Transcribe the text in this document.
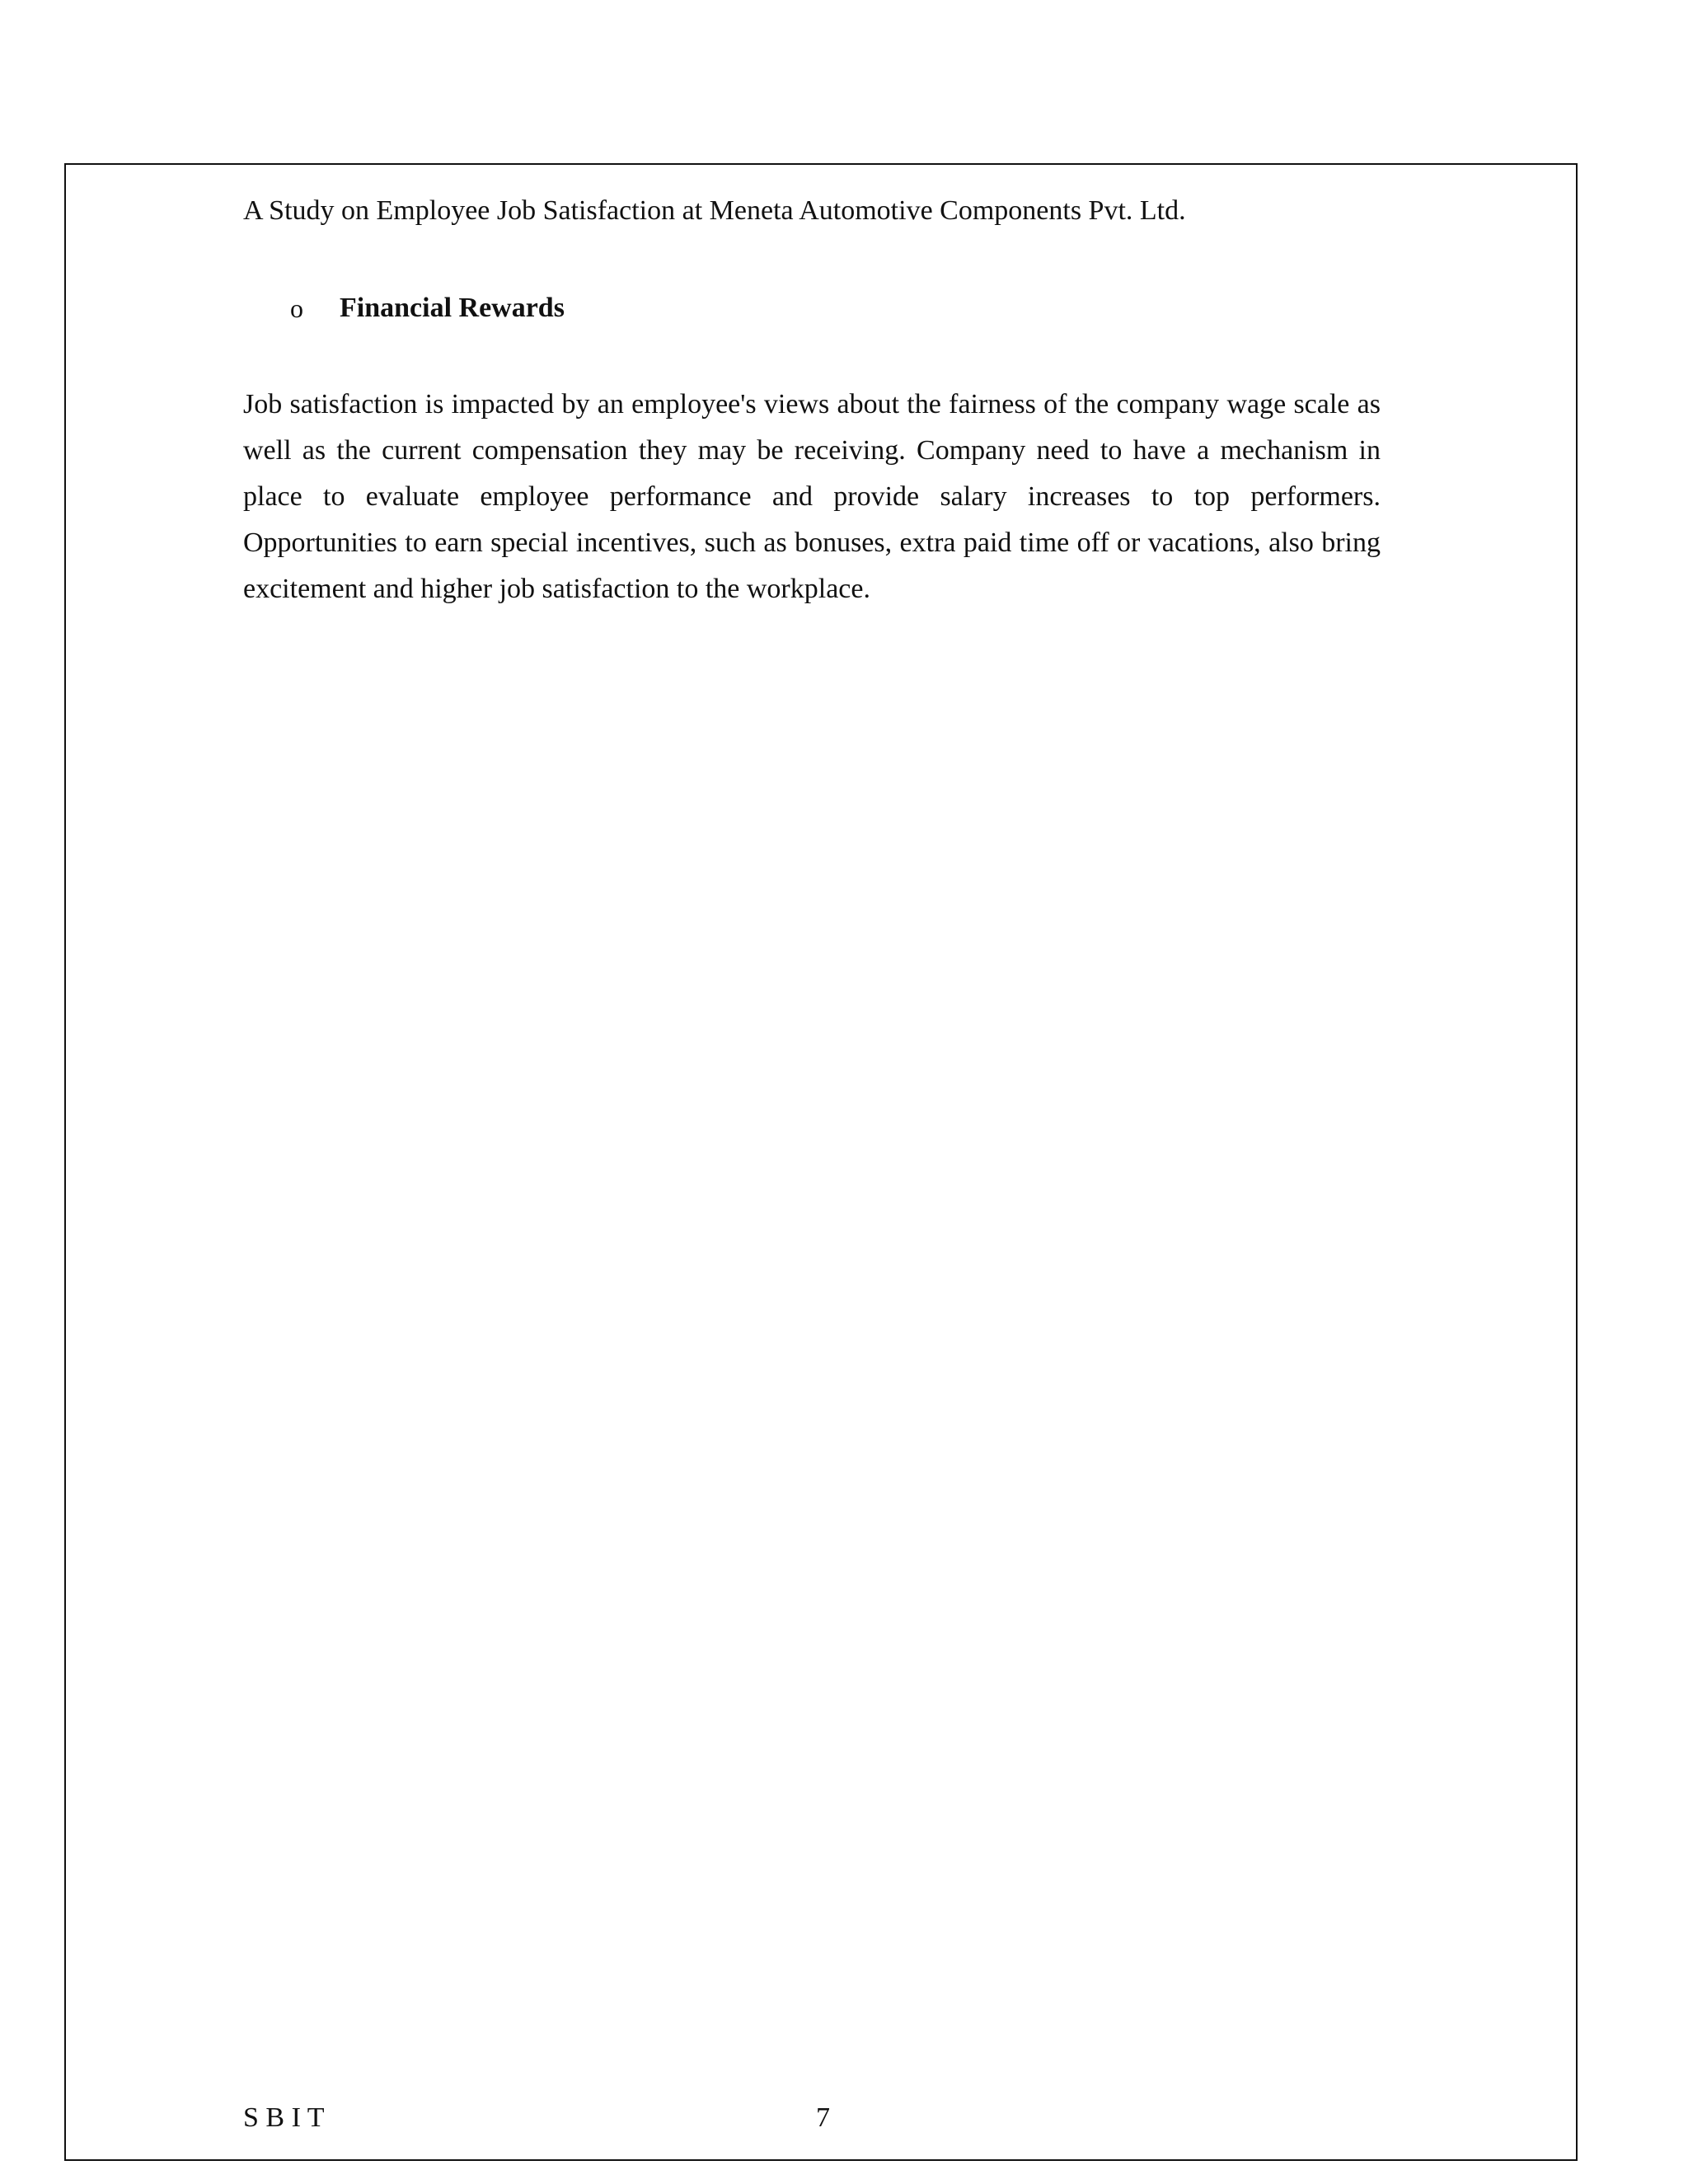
A Study on Employee Job Satisfaction at Meneta Automotive Components Pvt. Ltd.
o	Financial Rewards

Job satisfaction is impacted by an employee's views about the fairness of the company wage scale as well as the current compensation they may be receiving. Company need to have a mechanism in place to evaluate employee performance and provide salary increases to top performers. Opportunities to earn special incentives, such as bonuses, extra paid time off or vacations, also bring excitement and higher job satisfaction to the workplace.

S B I T	7
